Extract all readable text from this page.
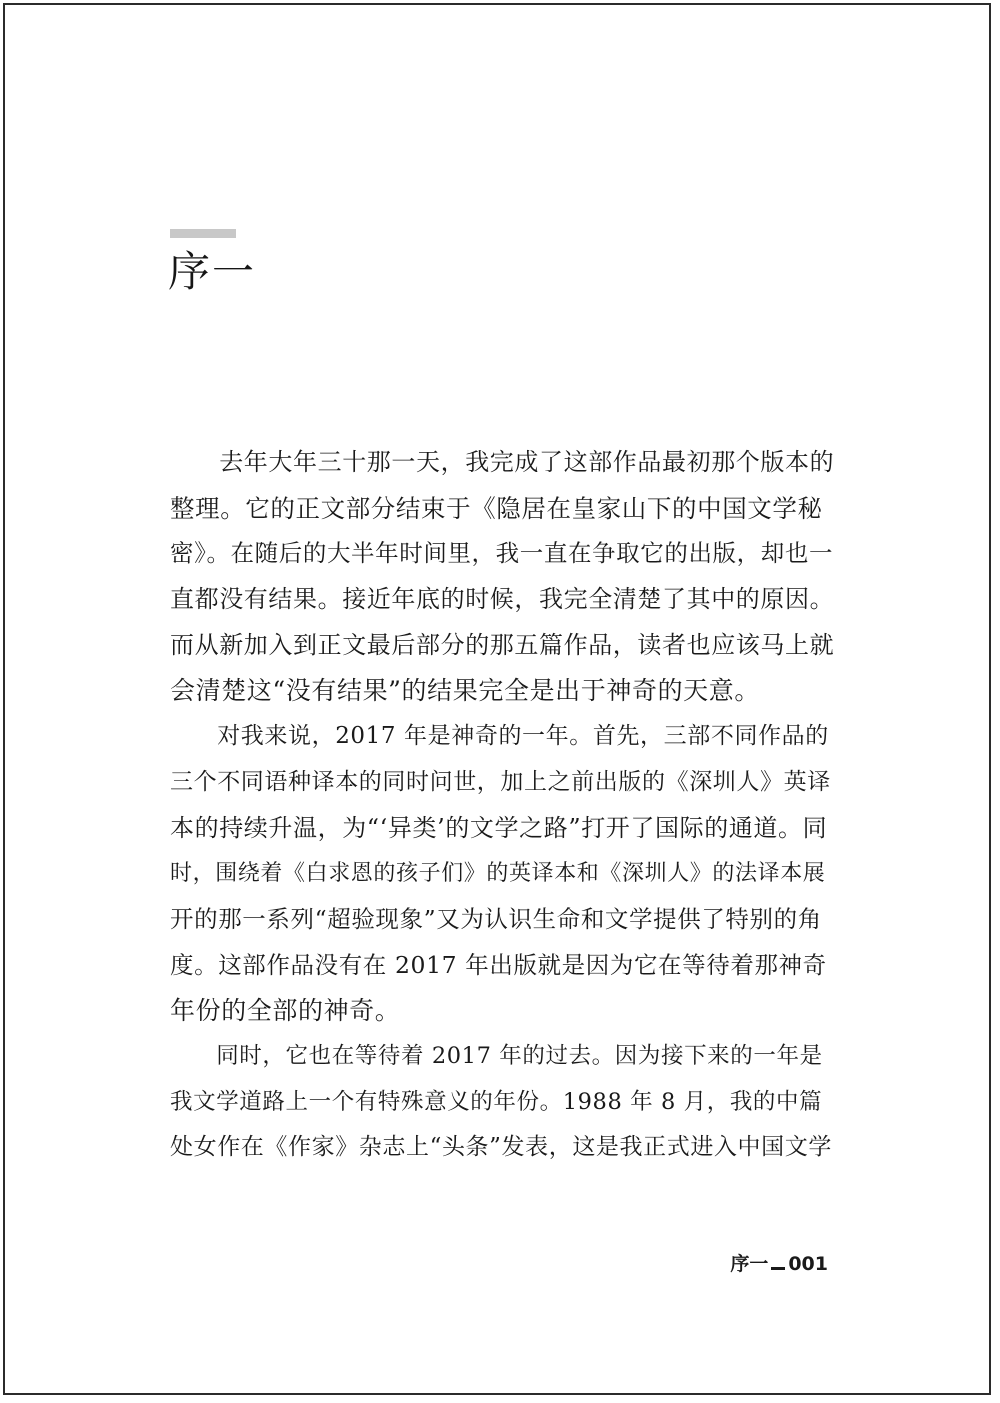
序一
　　去年大年三十那一天，我完成了这部作品最初那个版本的
整理。它的正文部分结束于《隐居在皇家山下的中国文学秘
密》。在随后的大半年时间里，我一直在争取它的出版，却也一
直都没有结果。接近年底的时候，我完全清楚了其中的原因。
而从新加入到正文最后部分的那五篇作品，读者也应该马上就
会清楚这“没有结果”的结果完全是出于神奇的天意。
　　对我来说，2017 年是神奇的一年。首先，三部不同作品的
三个不同语种译本的同时问世，加上之前出版的《深圳人》英译
本的持续升温，为“‘异类’的文学之路”打开了国际的通道。同
时，围绕着《白求恩的孩子们》的英译本和《深圳人》的法译本展
开的那一系列“超验现象”又为认识生命和文学提供了特别的角
度。这部作品没有在 2017 年出版就是因为它在等待着那神奇
年份的全部的神奇。
　　同时，它也在等待着 2017 年的过去。因为接下来的一年是
我文学道路上一个有特殊意义的年份。1988 年 8 月，我的中篇
处女作在《作家》杂志上“头条”发表，这是我正式进入中国文学
序一 001
